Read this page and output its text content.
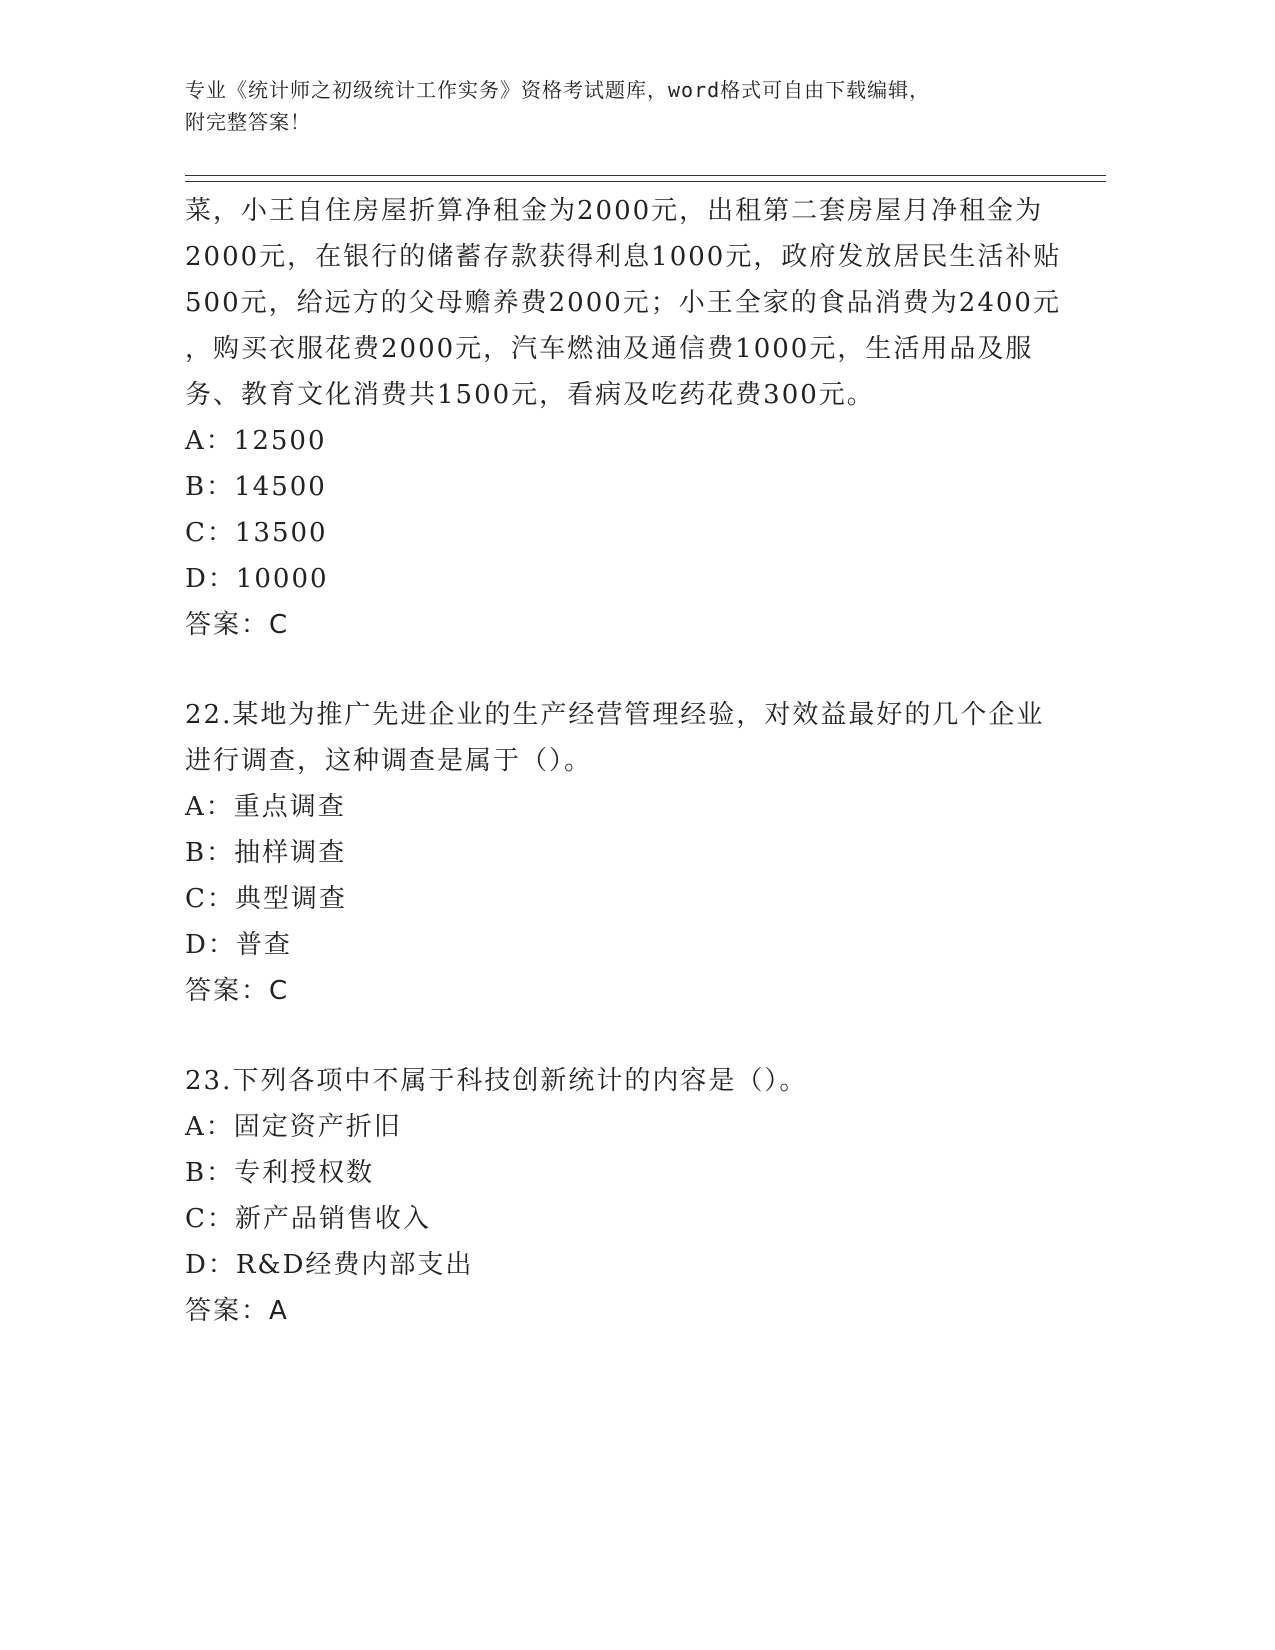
专业《统计师之初级统计工作实务》资格考试题库，word格式可自由下载编辑，
附完整答案！

菜，小王自住房屋折算净租金为2000元，出租第二套房屋月净租金为

2000元，在银行的储蓄存款获得利息1000元，政府发放居民生活补贴

500元，给远方的父母赡养费2000元；小王全家的食品消费为2400元

，购买衣服花费2000元，汽车燃油及通信费1000元，生活用品及服

务、教育文化消费共1500元，看病及吃药花费300元。

A：12500

B：14500

C：13500

D：10000

答案：C

22.某地为推广先进企业的生产经营管理经验，对效益最好的几个企业

进行调查，这种调查是属于（）。

A：重点调查

B：抽样调查

C：典型调查

D：普查

答案：C

23.下列各项中不属于科技创新统计的内容是（）。

A：固定资产折旧

B：专利授权数

C：新产品销售收入

D：R&D经费内部支出

答案：A
